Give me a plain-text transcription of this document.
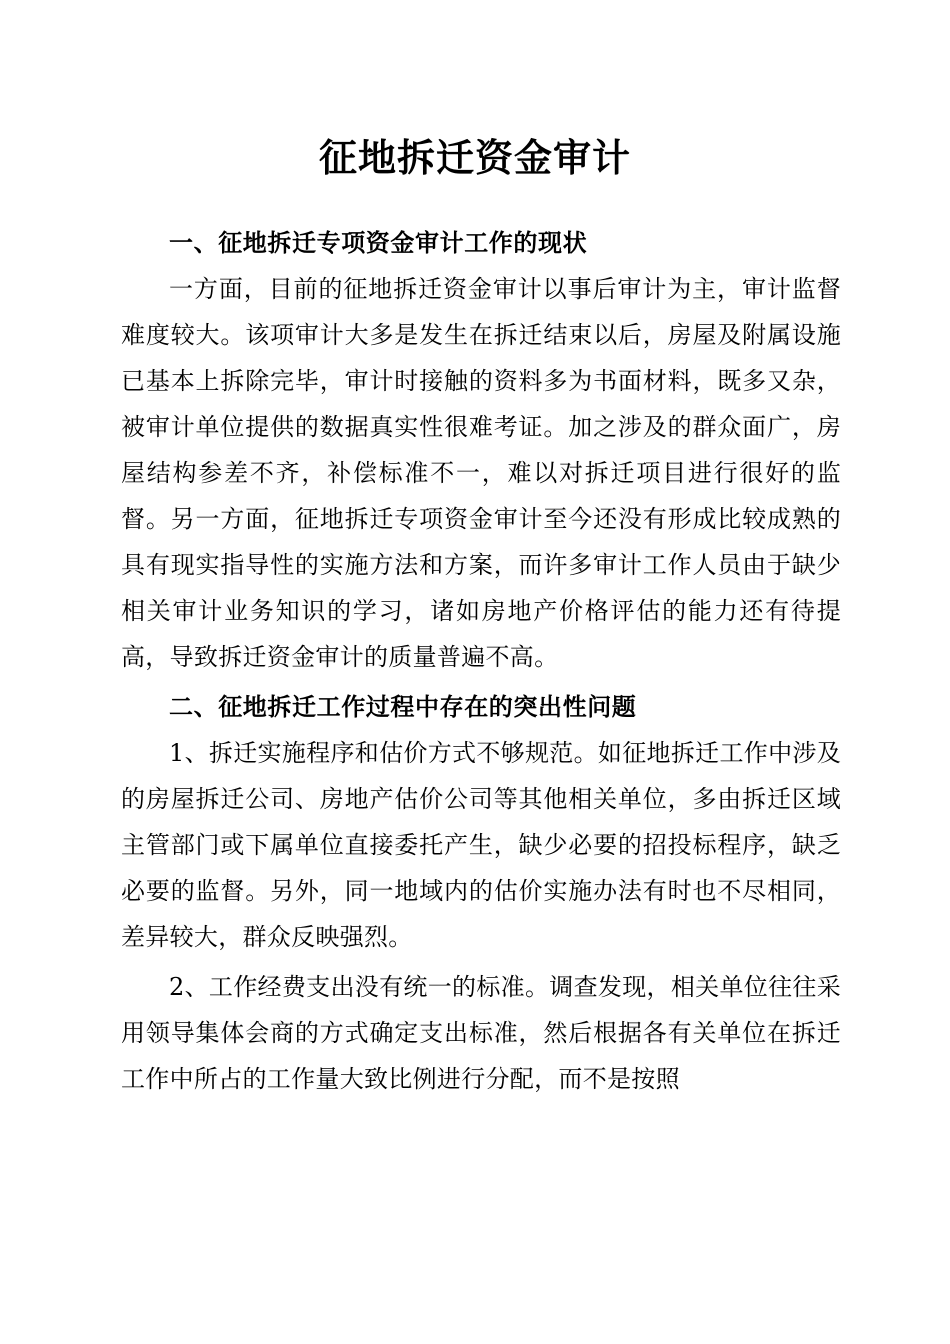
征地拆迁资金审计

一、征地拆迁专项资金审计工作的现状

一方面，目前的征地拆迁资金审计以事后审计为主，审计监督难度较大。该项审计大多是发生在拆迁结束以后，房屋及附属设施已基本上拆除完毕，审计时接触的资料多为书面材料，既多又杂，被审计单位提供的数据真实性很难考证。加之涉及的群众面广，房屋结构参差不齐，补偿标准不一，难以对拆迁项目进行很好的监督。另一方面，征地拆迁专项资金审计至今还没有形成比较成熟的具有现实指导性的实施方法和方案，而许多审计工作人员由于缺少相关审计业务知识的学习，诸如房地产价格评估的能力还有待提高，导致拆迁资金审计的质量普遍不高。

二、征地拆迁工作过程中存在的突出性问题

1、拆迁实施程序和估价方式不够规范。如征地拆迁工作中涉及的房屋拆迁公司、房地产估价公司等其他相关单位，多由拆迁区域主管部门或下属单位直接委托产生，缺少必要的招投标程序，缺乏必要的监督。另外，同一地域内的估价实施办法有时也不尽相同，差异较大，群众反映强烈。

2、工作经费支出没有统一的标准。调查发现，相关单位往往采用领导集体会商的方式确定支出标准，然后根据各有关单位在拆迁工作中所占的工作量大致比例进行分配，而不是按照
